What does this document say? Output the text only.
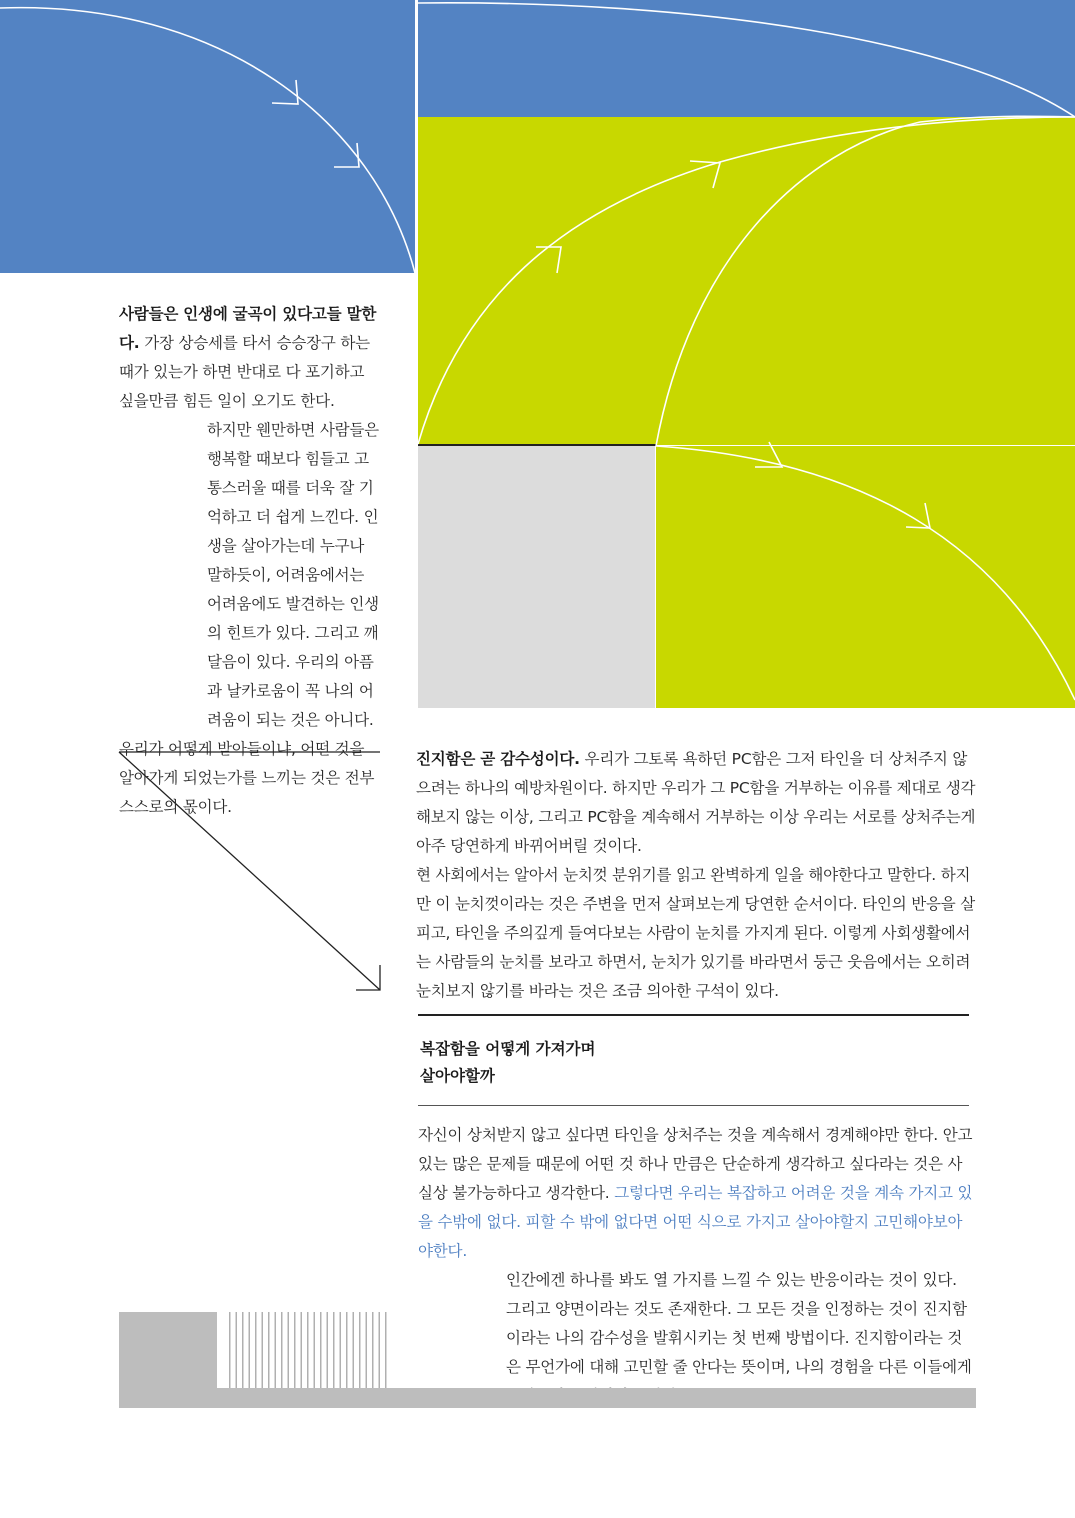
사람들은 인생에 굴곡이 있다고들 말한다. 가장 상승세를 타서 승승장구 하는 때가 있는가 하면 반대로 다 포기하고 싶을만큼 힘든 일이 오기도 한다.

하지만 웬만하면 사람들은 행복할 때보다 힘들고 고통스러울 때를 더욱 잘 기억하고 더 쉽게 느낀다. 인생을 살아가는데 누구나 말하듯이, 어려움에서는 어려움에도 발견하는 인생의 힌트가 있다. 그리고 깨달음이 있다. 우리의 아픔과 날카로움이 꼭 나의 어려움이 되는 것은 아니다.

우리가 어떻게 받아들이냐, 어떤 것을 알아가게 되었는가를 느끼는 것은 전부 스스로의 몫이다.

진지함은 곧 감수성이다. 우리가 그토록 욕하던 PC함은 그저 타인을 더 상처주지 않으려는 하나의 예방차원이다. 하지만 우리가 그 PC함을 거부하는 이유를 제대로 생각해보지 않는 이상, 그리고 PC함을 계속해서 거부하는 이상 우리는 서로를 상처주는게 아주 당연하게 바뀌어버릴 것이다.

현 사회에서는 알아서 눈치껏 분위기를 읽고 완벽하게 일을 해야한다고 말한다. 하지만 이 눈치껏이라는 것은 주변을 먼저 살펴보는게 당연한 순서이다. 타인의 반응을 살피고, 타인을 주의깊게 들여다보는 사람이 눈치를 가지게 된다. 이렇게 사회생활에서는 사람들의 눈치를 보라고 하면서, 눈치가 있기를 바라면서 둥근 웃음에서는 오히려 눈치보지 않기를 바라는 것은 조금 의아한 구석이 있다.

복잡함을 어떻게 가져가며
살아야할까

자신이 상처받지 않고 싶다면 타인을 상처주는 것을 계속해서 경계해야만 한다. 안고 있는 많은 문제들 때문에 어떤 것 하나 만큼은 단순하게 생각하고 싶다라는 것은 사실상 불가능하다고 생각한다. 그렇다면 우리는 복잡하고 어려운 것을 계속 가지고 있을 수밖에 없다. 피할 수 밖에 없다면 어떤 식으로 가지고 살아야할지 고민해야보아야한다.

인간에겐 하나를 봐도 열 가지를 느낄 수 있는 반응이라는 것이 있다. 그리고 양면이라는 것도 존재한다. 그 모든 것을 인정하는 것이 진지함이라는 나의 감수성을 발휘시키는 첫 번째 방법이다. 진지함이라는 것은 무언가에 대해 고민할 줄 안다는 뜻이며, 나의 경험을 다른 이들에게
